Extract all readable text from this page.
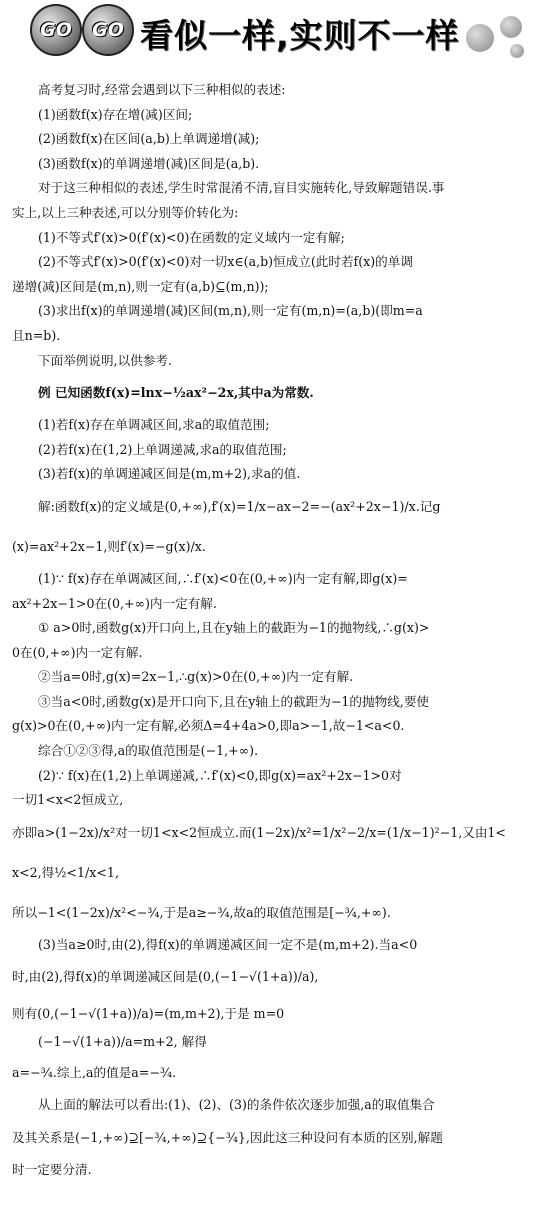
GO	GO 看似一样,实则不一样

高考复习时,经常会遇到以下三种相似的表述:

(1)函数f(x)存在增(减)区间;

(2)函数f(x)在区间(a,b)上单调递增(减);

(3)函数f(x)的单调递增(减)区间是(a,b).

对于这三种相似的表述,学生时常混淆不清,盲目实施转化,导致解题错误.事

实上,以上三种表述,可以分别等价转化为:

(1)不等式f′(x)>0(f′(x)<0)在函数的定义域内一定有解;

(2)不等式f′(x)>0(f′(x)<0)对一切x∈(a,b)恒成立(此时若f(x)的单调

递增(减)区间是(m,n),则一定有(a,b)⊆(m,n));

(3)求出f(x)的单调递增(减)区间(m,n),则一定有(m,n)=(a,b)(即m=a

且n=b).

下面举例说明,以供参考.

例 已知函数f(x)=lnx−½ax²−2x,其中a为常数.

(1)若f(x)存在单调减区间,求a的取值范围;

(2)若f(x)在(1,2)上单调递减,求a的取值范围;

(3)若f(x)的单调递减区间是(m,m+2),求a的值.

解:函数f(x)的定义域是(0,+∞),f′(x)=1/x−ax−2=−(ax²+2x−1)/x.记g

(x)=ax²+2x−1,则f′(x)=−g(x)/x.

(1)∵ f(x)存在单调减区间,∴f′(x)<0在(0,+∞)内一定有解,即g(x)=

ax²+2x−1>0在(0,+∞)内一定有解.

① a>0时,函数g(x)开口向上,且在y轴上的截距为−1的抛物线,∴g(x)>

0在(0,+∞)内一定有解.

②当a=0时,g(x)=2x−1,∴g(x)>0在(0,+∞)内一定有解.

③当a<0时,函数g(x)是开口向下,且在y轴上的截距为−1的抛物线,要使

g(x)>0在(0,+∞)内一定有解,必须Δ=4+4a>0,即a>−1,故−1<a<0.

综合①②③得,a的取值范围是(−1,+∞).

(2)∵ f(x)在(1,2)上单调递减,∴f′(x)<0,即g(x)=ax²+2x−1>0对

一切1<x<2恒成立,

亦即a>(1−2x)/x²对一切1<x<2恒成立.而(1−2x)/x²=1/x²−2/x=(1/x−1)²−1,又由1<

x<2,得½<1/x<1,

所以−1<(1−2x)/x²<−¾,于是a≥−¾,故a的取值范围是[−¾,+∞).

(3)当a≥0时,由(2),得f(x)的单调递减区间一定不是(m,m+2).当a<0

时,由(2),得f(x)的单调递减区间是(0,(−1−√(1+a))/a),

则有(0,(−1−√(1+a))/a)=(m,m+2),于是 m=0

(−1−√(1+a))/a=m+2, 解得

a=−¾.综上,a的值是a=−¾.

从上面的解法可以看出:(1)、(2)、(3)的条件依次逐步加强,a的取值集合

及其关系是(−1,+∞)⊇[−¾,+∞)⊇{−¾},因此这三种设问有本质的区别,解题

时一定要分清.
